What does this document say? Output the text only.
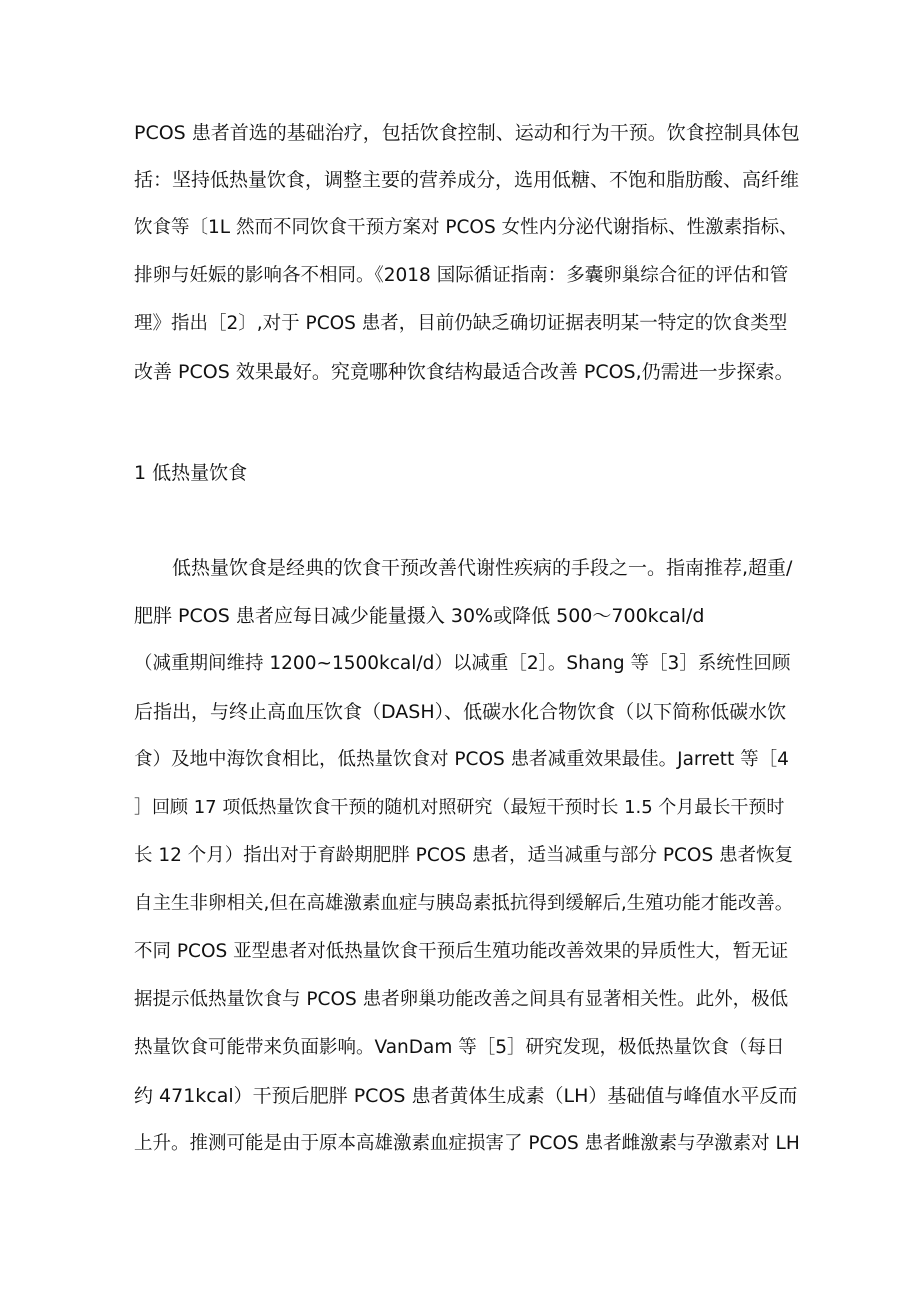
PCOS 患者首选的基础治疗，包括饮食控制、运动和行为干预。饮食控制具体包
括：坚持低热量饮食，调整主要的营养成分，选用低糖、不饱和脂肪酸、高纤维
饮食等〔1L 然而不同饮食干预方案对 PCOS 女性内分泌代谢指标、性激素指标、
排卵与妊娠的影响各不相同。《2018 国际循证指南：多囊卵巢综合征的评估和管
理》指出［2〕,对于 PCOS 患者，目前仍缺乏确切证据表明某一特定的饮食类型
改善 PCOS 效果最好。究竟哪种饮食结构最适合改善 PCOS,仍需进一步探索。
1 低热量饮食
低热量饮食是经典的饮食干预改善代谢性疾病的手段之一。指南推荐,超重/
肥胖 PCOS 患者应每日减少能量摄入 30%或降低 500～700kcal/d
（减重期间维持 1200~1500kcal/d）以减重［2］。Shang 等［3］系统性回顾
后指出，与终止高血压饮食（DASH）、低碳水化合物饮食（以下简称低碳水饮
食）及地中海饮食相比，低热量饮食对 PCOS 患者减重效果最佳。Jarrett 等［4
］回顾 17 项低热量饮食干预的随机对照研究（最短干预时长 1.5 个月最长干预时
长 12 个月）指出对于育龄期肥胖 PCOS 患者，适当减重与部分 PCOS 患者恢复
自主生非卵相关,但在高雄激素血症与胰岛素抵抗得到缓解后,生殖功能才能改善。
不同 PCOS 亚型患者对低热量饮食干预后生殖功能改善效果的异质性大，暂无证
据提示低热量饮食与 PCOS 患者卵巢功能改善之间具有显著相关性。此外，极低
热量饮食可能带来负面影响。VanDam 等［5］研究发现，极低热量饮食（每日
约 471kcal）干预后肥胖 PCOS 患者黄体生成素（LH）基础值与峰值水平反而
上升。推测可能是由于原本高雄激素血症损害了 PCOS 患者雌激素与孕激素对 LH
